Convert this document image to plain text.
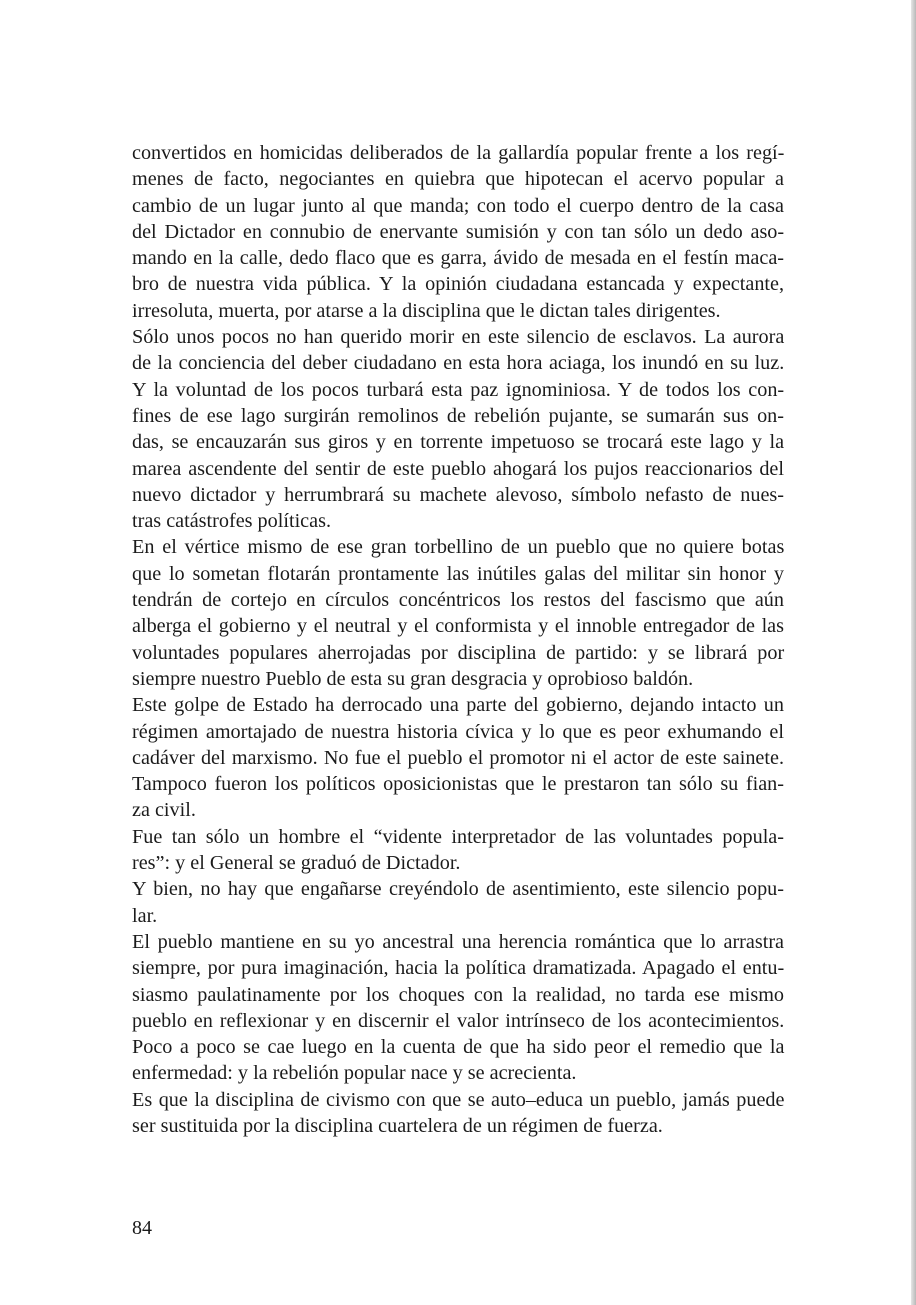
convertidos en homicidas deliberados de la gallardía popular frente a los regí-
menes de facto, negociantes en quiebra que hipotecan el acervo popular a
cambio de un lugar junto al que manda; con todo el cuerpo dentro de la casa
del Dictador en connubio de enervante sumisión y con tan sólo un dedo aso-
mando en la calle, dedo flaco que es garra, ávido de mesada en el festín maca-
bro de nuestra vida pública. Y la opinión ciudadana estancada y expectante,
irresoluta, muerta, por atarse a la disciplina que le dictan tales dirigentes.

Sólo unos pocos no han querido morir en este silencio de esclavos. La aurora
de la conciencia del deber ciudadano en esta hora aciaga, los inundó en su luz.
Y la voluntad de los pocos turbará esta paz ignominiosa. Y de todos los con-
fines de ese lago surgirán remolinos de rebelión pujante, se sumarán sus on-
das, se encauzarán sus giros y en torrente impetuoso se trocará este lago y la
marea ascendente del sentir de este pueblo ahogará los pujos reaccionarios del
nuevo dictador y herrumbrará su machete alevoso, símbolo nefasto de nues-
tras catástrofes políticas.

En el vértice mismo de ese gran torbellino de un pueblo que no quiere botas
que lo sometan flotarán prontamente las inútiles galas del militar sin honor y
tendrán de cortejo en círculos concéntricos los restos del fascismo que aún
alberga el gobierno y el neutral y el conformista y el innoble entregador de las
voluntades populares aherrojadas por disciplina de partido: y se librará por
siempre nuestro Pueblo de esta su gran desgracia y oprobioso baldón.

Este golpe de Estado ha derrocado una parte del gobierno, dejando intacto un
régimen amortajado de nuestra historia cívica y lo que es peor exhumando el
cadáver del marxismo. No fue el pueblo el promotor ni el actor de este sainete.
Tampoco fueron los políticos oposicionistas que le prestaron tan sólo su fian-
za civil.

Fue tan sólo un hombre el “vidente interpretador de las voluntades popula-
res”: y el General se graduó de Dictador.

Y bien, no hay que engañarse creyéndolo de asentimiento, este silencio popu-
lar.

El pueblo mantiene en su yo ancestral una herencia romántica que lo arrastra
siempre, por pura imaginación, hacia la política dramatizada. Apagado el entu-
siasmo paulatinamente por los choques con la realidad, no tarda ese mismo
pueblo en reflexionar y en discernir el valor intrínseco de los acontecimientos.
Poco a poco se cae luego en la cuenta de que ha sido peor el remedio que la
enfermedad: y la rebelión popular nace y se acrecienta.

Es que la disciplina de civismo con que se auto–educa un pueblo, jamás puede
ser sustituida por la disciplina cuartelera de un régimen de fuerza.

84
